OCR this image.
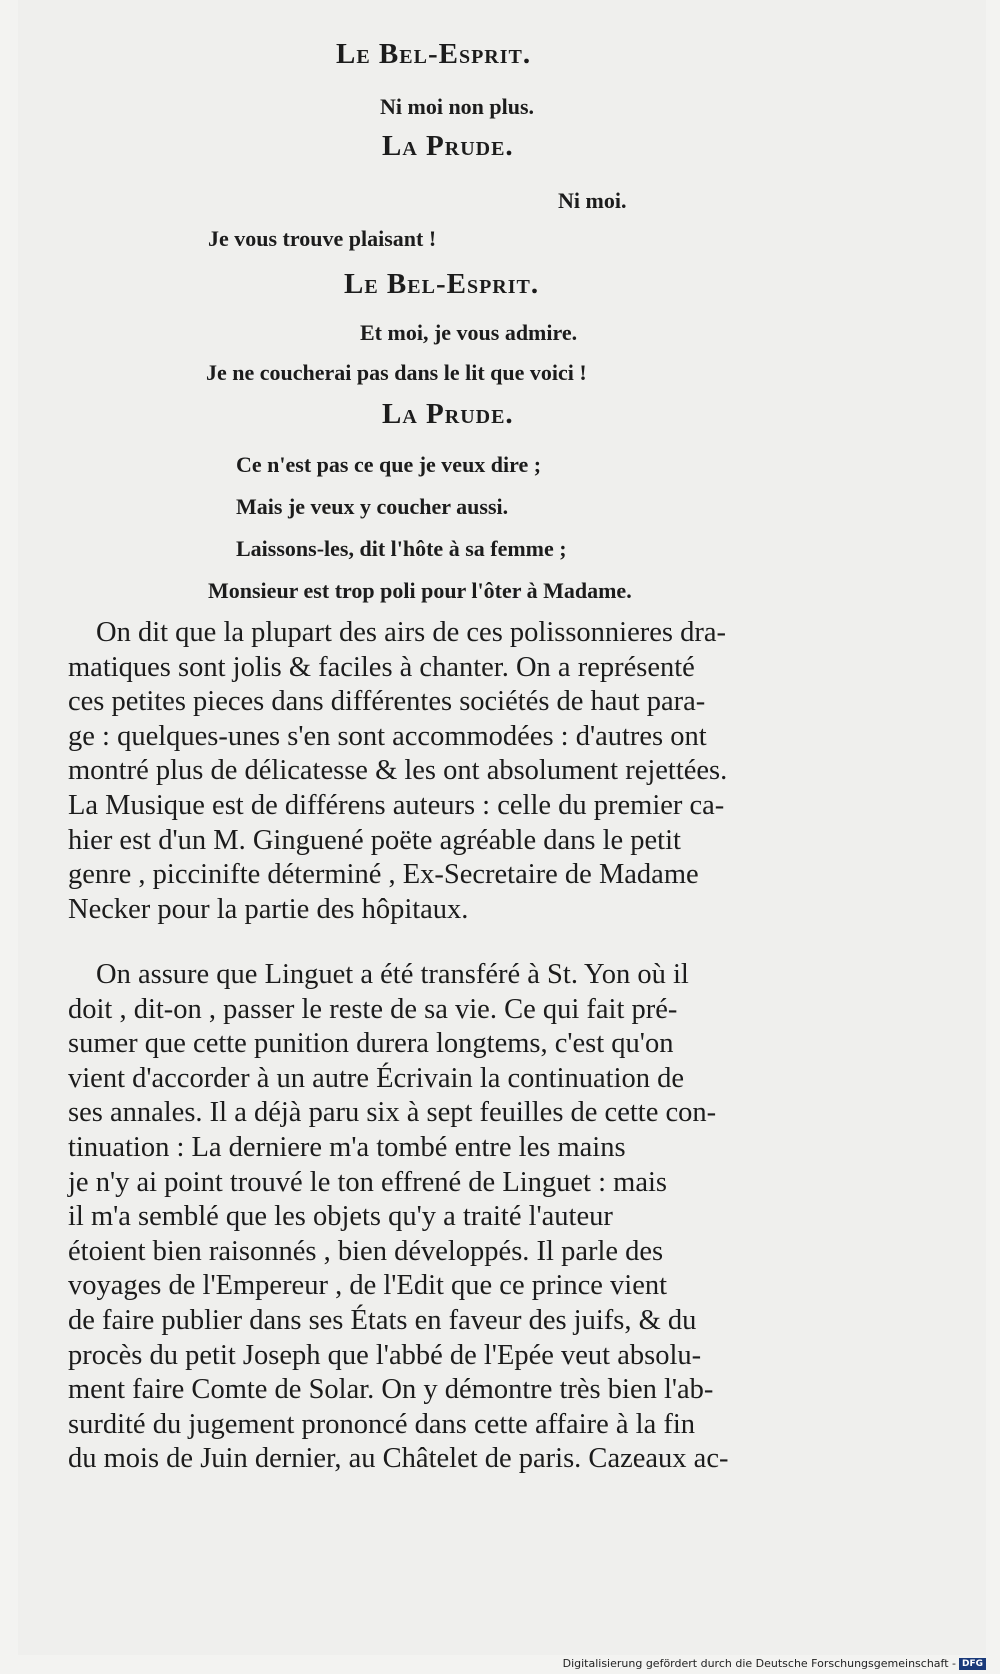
Le Bel-Esprit.

Ni moi non plus.

La Prude.

Ni moi.

Je vous trouve plaisant !

Le Bel-Esprit.

Et moi, je vous admire.

Je ne coucherai pas dans le lit que voici !

La Prude.

Ce n'est pas ce que je veux dire ;

Mais je veux y coucher aussi.

Laissons-les, dit l'hôte à sa femme ;

Monsieur est trop poli pour l'ôter à Madame.

On dit que la plupart des airs de ces polissonnieres dra-
matiques sont jolis & faciles à chanter. On a représenté
ces petites pieces dans différentes sociétés de haut para-
ge : quelques-unes s'en sont accommodées : d'autres ont
montré plus de délicatesse & les ont absolument rejettées.
La Musique est de différens auteurs : celle du premier ca-
hier est d'un M. Ginguené poëte agréable dans le petit
genre , piccinifte déterminé , Ex-Secretaire de Madame
Necker pour la partie des hôpitaux.
On assure que Linguet a été transféré à St. Yon où il
doit , dit-on , passer le reste de sa vie. Ce qui fait pré-
sumer que cette punition durera longtems, c'est qu'on
vient d'accorder à un autre Écrivain la continuation de
ses annales. Il a déjà paru six à sept feuilles de cette con-
tinuation : La derniere m'a tombé entre les mains
je n'y ai point trouvé le ton effrené de Linguet : mais
il m'a semblé que les objets qu'y a traité l'auteur
étoient bien raisonnés , bien développés. Il parle des
voyages de l'Empereur , de l'Edit que ce prince vient
de faire publier dans ses États en faveur des juifs, & du
procès du petit Joseph que l'abbé de l'Epée veut absolu-
ment faire Comte de Solar. On y démontre très bien l'ab-
surdité du jugement prononcé dans cette affaire à la fin
du mois de Juin dernier, au Châtelet de paris. Cazeaux ac-
Digitalisierung gefördert durch die Deutsche Forschungsgemeinschaft - DFG
